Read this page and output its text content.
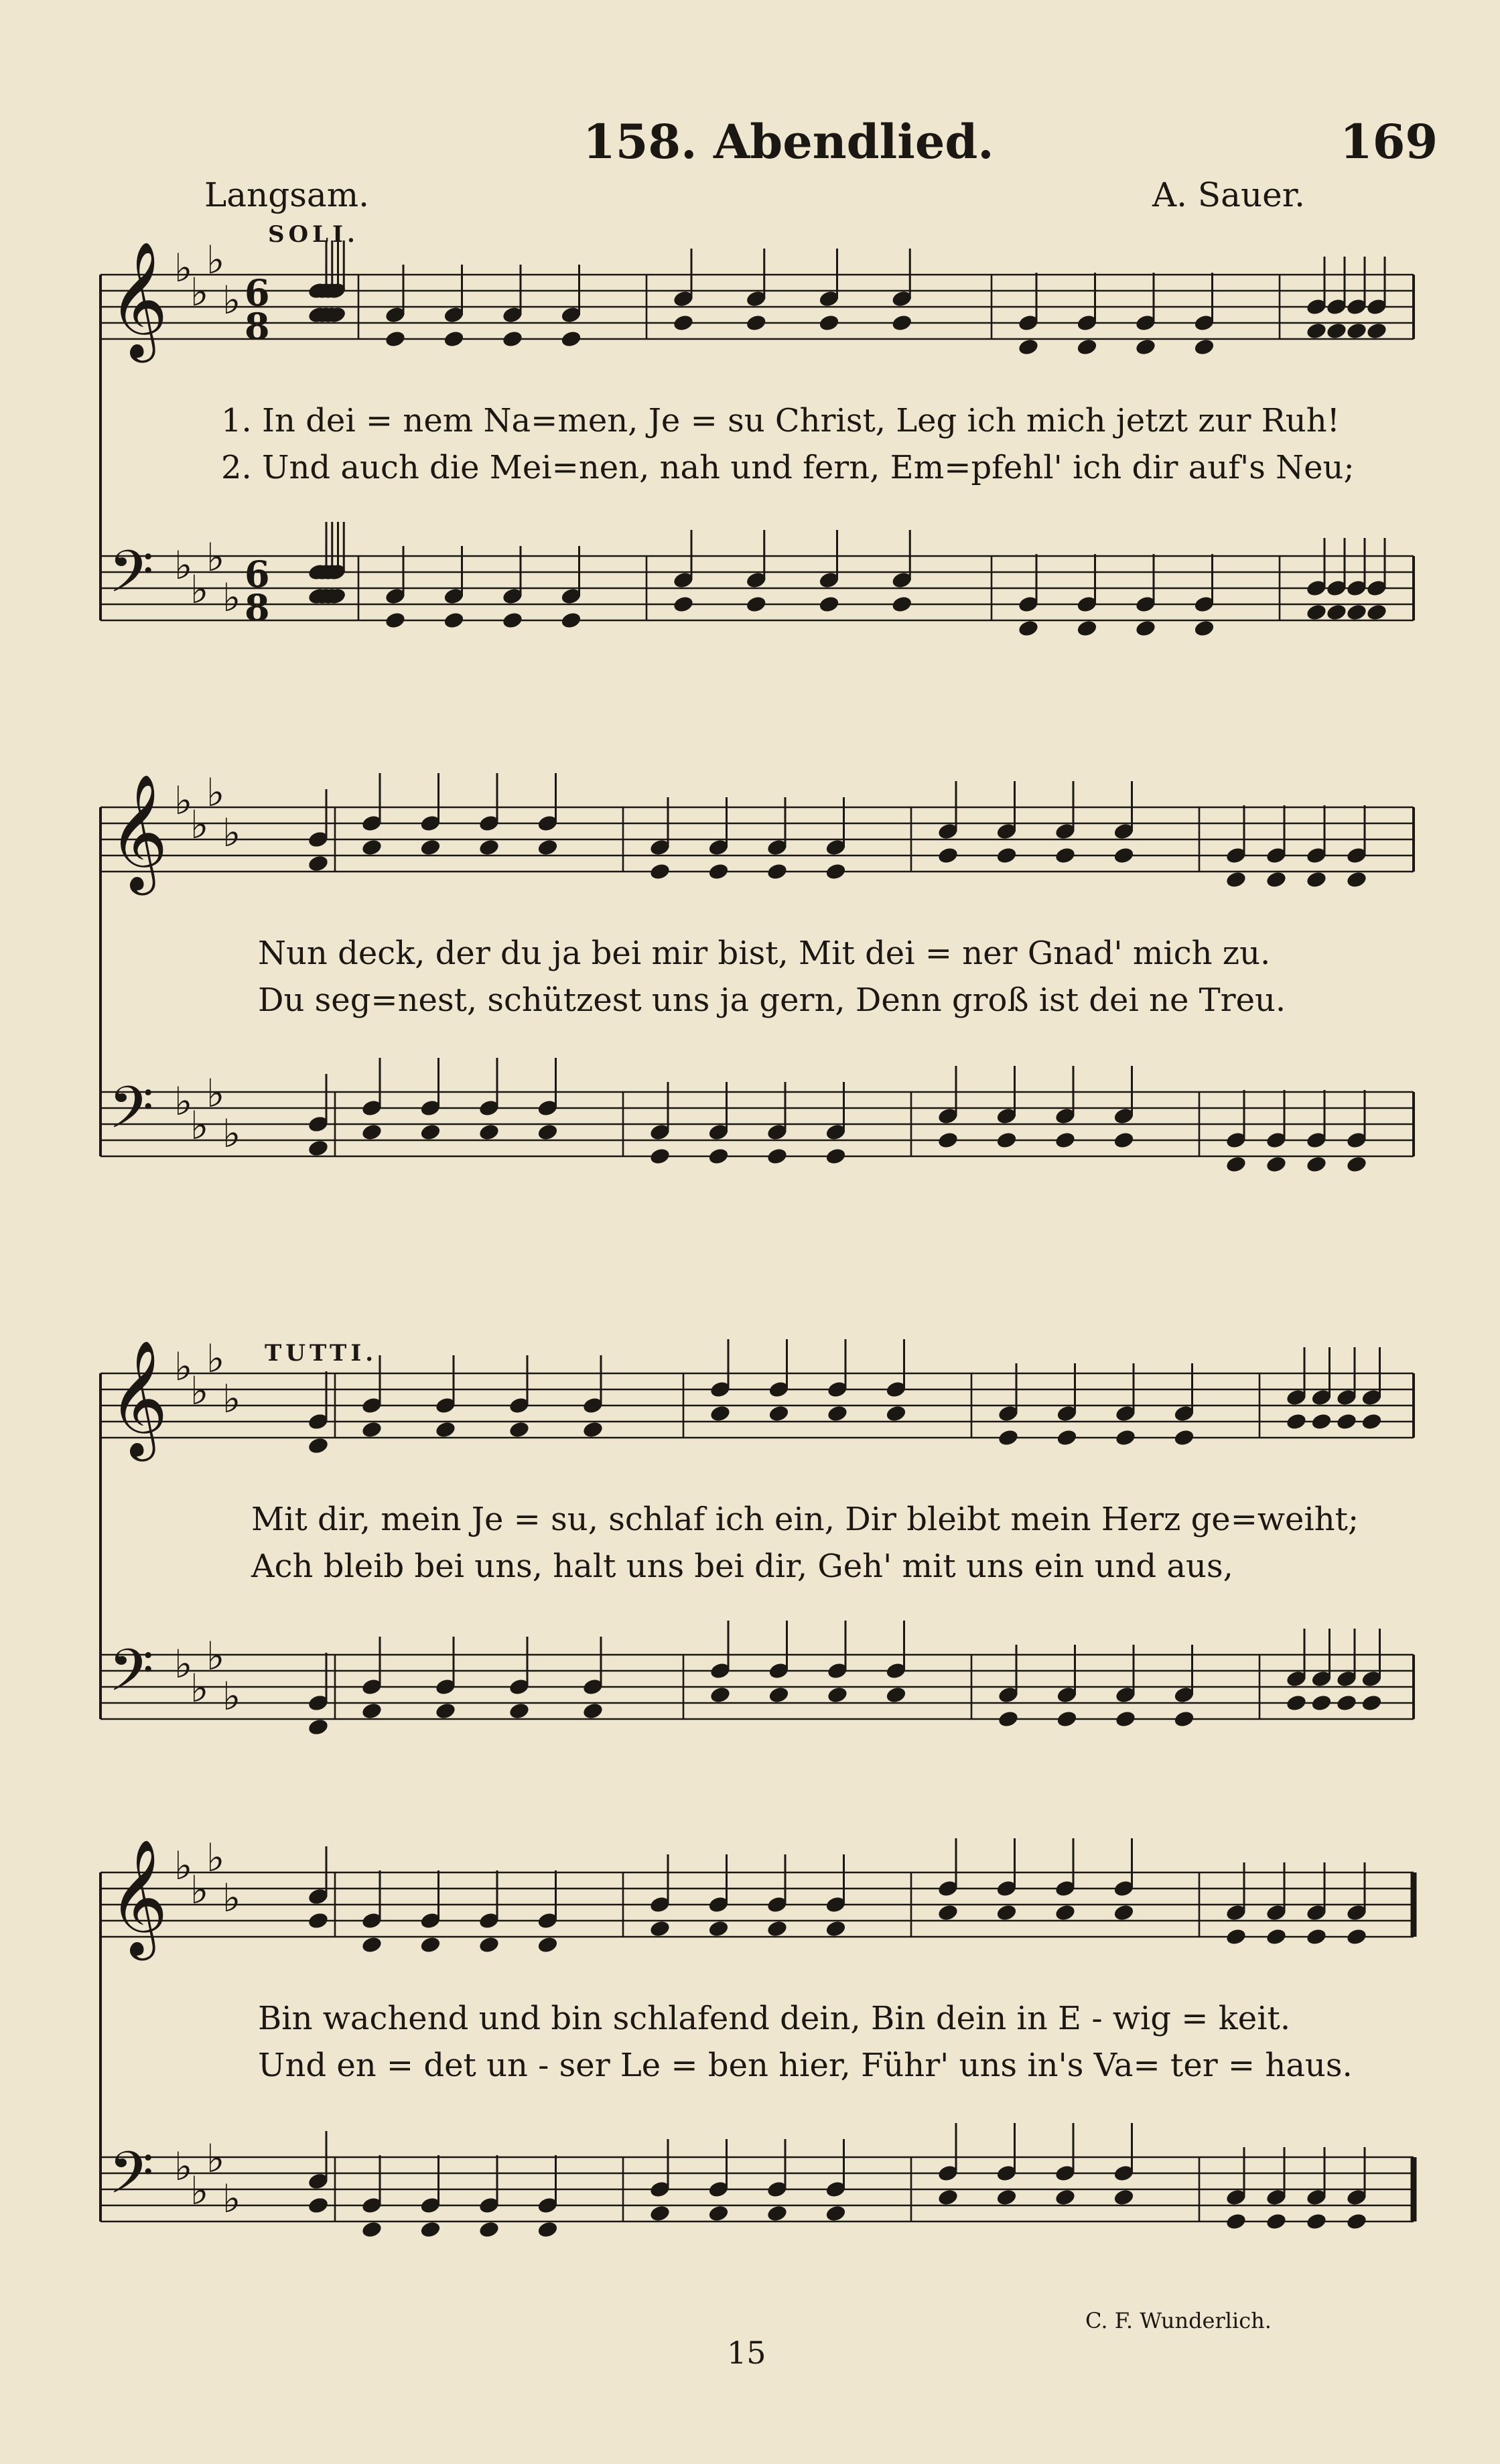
158. Abendlied.	169
Langsam.	A. Sauer.
𝄞 ♭
♭
♭
♭ 6
8
𝄢 ♭
♭
♭
♭
6
8
𝄞 ♭
♭
♭
♭
𝄢 ♭
♭
♭
♭
𝄞 ♭
♭
♭
♭
𝄢 ♭
♭
♭
♭
𝄞 ♭
♭
♭
♭
𝄢 ♭
♭
♭
♭
SOLI.
TUTTI.
1. In dei = nem Na=men, Je = su Christ, Leg ich mich jetzt zur Ruh!
2. Und auch die Mei=nen, nah und fern, Em=pfehl' ich dir auf's Neu;
Nun deck, der du ja bei mir bist, Mit dei = ner Gnad' mich zu.
Du seg=nest, schützest uns ja gern, Denn groß ist dei ne Treu.
Mit dir, mein Je = su, schlaf ich ein, Dir bleibt mein Herz ge=weiht;
Ach bleib bei uns, halt uns bei dir, Geh' mit uns ein und aus,
Bin wachend und bin schlafend dein, Bin dein in E - wig = keit.
Und en = det un - ser Le = ben hier, Führ' uns in's Va= ter = haus.
15
C. F. Wunderlich.
